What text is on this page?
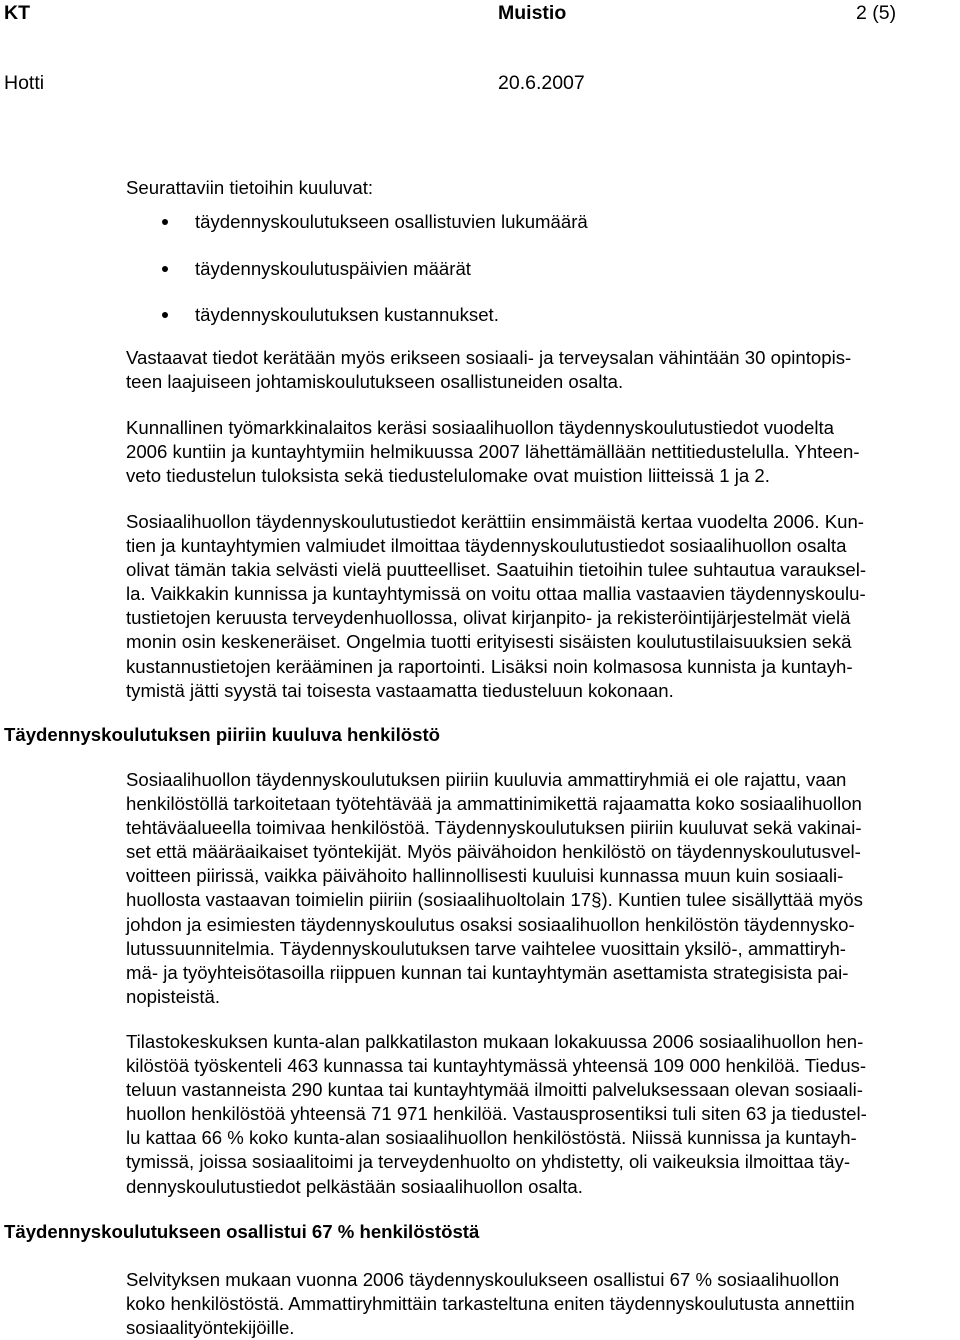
KT	Muistio	2 (5)
Hotti	20.6.2007
Seurattaviin tietoihin kuuluvat:
täydennyskoulutukseen osallistuvien lukumäärä
täydennyskoulutuspäivien määrät
täydennyskoulutuksen kustannukset.
Vastaavat tiedot kerätään myös erikseen sosiaali- ja terveysalan vähintään 30 opintopis-
teen laajuiseen johtamiskoulutukseen osallistuneiden osalta.
Kunnallinen työmarkkinalaitos keräsi sosiaalihuollon täydennyskoulutustiedot vuodelta
2006 kuntiin ja kuntayhtymiin helmikuussa 2007 lähettämällään nettitiedustelulla. Yhteen-
veto tiedustelun tuloksista sekä tiedustelulomake ovat muistion liitteissä 1 ja 2.
Sosiaalihuollon täydennyskoulutustiedot kerättiin ensimmäistä kertaa vuodelta 2006. Kun-
tien ja kuntayhtymien valmiudet ilmoittaa täydennyskoulutustiedot sosiaalihuollon osalta
olivat tämän takia selvästi vielä puutteelliset. Saatuihin tietoihin tulee suhtautua varauksel-
la. Vaikkakin kunnissa ja kuntayhtymissä on voitu ottaa mallia vastaavien täydennyskoulu-
tustietojen keruusta terveydenhuollossa, olivat kirjanpito- ja rekisteröintijärjestelmät vielä
monin osin keskeneräiset. Ongelmia tuotti erityisesti sisäisten koulutustilaisuuksien sekä
kustannustietojen kerääminen ja raportointi. Lisäksi noin kolmasosa kunnista ja kuntayh-
tymistä jätti syystä tai toisesta vastaamatta tiedusteluun kokonaan.
Täydennyskoulutuksen piiriin kuuluva henkilöstö
Sosiaalihuollon täydennyskoulutuksen piiriin kuuluvia ammattiryhmiä ei ole rajattu, vaan
henkilöstöllä tarkoitetaan työtehtävää ja ammattinimikettä rajaamatta koko sosiaalihuollon
tehtäväalueella toimivaa henkilöstöä. Täydennyskoulutuksen piiriin kuuluvat sekä vakinai-
set että määräaikaiset työntekijät. Myös päivähoidon henkilöstö on täydennyskoulutusvel-
voitteen piirissä, vaikka päivähoito hallinnollisesti kuuluisi kunnassa muun kuin sosiaali-
huollosta vastaavan toimielin piiriin (sosiaalihuoltolain 17§). Kuntien tulee sisällyttää myös
johdon ja esimiesten täydennyskoulutus osaksi sosiaalihuollon henkilöstön täydennysko-
lutussuunnitelmia. Täydennyskoulutuksen tarve vaihtelee vuosittain yksilö-, ammattiryh-
mä- ja työyhteisötasoilla riippuen kunnan tai kuntayhtymän asettamista strategisista pai-
nopisteistä.
Tilastokeskuksen kunta-alan palkkatilaston mukaan lokakuussa 2006 sosiaalihuollon hen-
kilöstöä työskenteli 463 kunnassa tai kuntayhtymässä yhteensä 109 000 henkilöä. Tiedus-
teluun vastanneista 290 kuntaa tai kuntayhtymää ilmoitti palveluksessaan olevan sosiaali-
huollon henkilöstöä yhteensä 71 971 henkilöä. Vastausprosentiksi tuli siten 63 ja tiedustel-
lu kattaa 66 % koko kunta-alan sosiaalihuollon henkilöstöstä. Niissä kunnissa ja kuntayh-
tymissä, joissa sosiaalitoimi ja terveydenhuolto on yhdistetty, oli vaikeuksia ilmoittaa täy-
dennyskoulutustiedot pelkästään sosiaalihuollon osalta.
Täydennyskoulutukseen osallistui 67 % henkilöstöstä
Selvityksen mukaan vuonna 2006 täydennyskoulukseen osallistui 67 % sosiaalihuollon
koko henkilöstöstä. Ammattiryhmittäin tarkasteltuna eniten täydennyskoulutusta annettiin
sosiaalityöntekijöille.
